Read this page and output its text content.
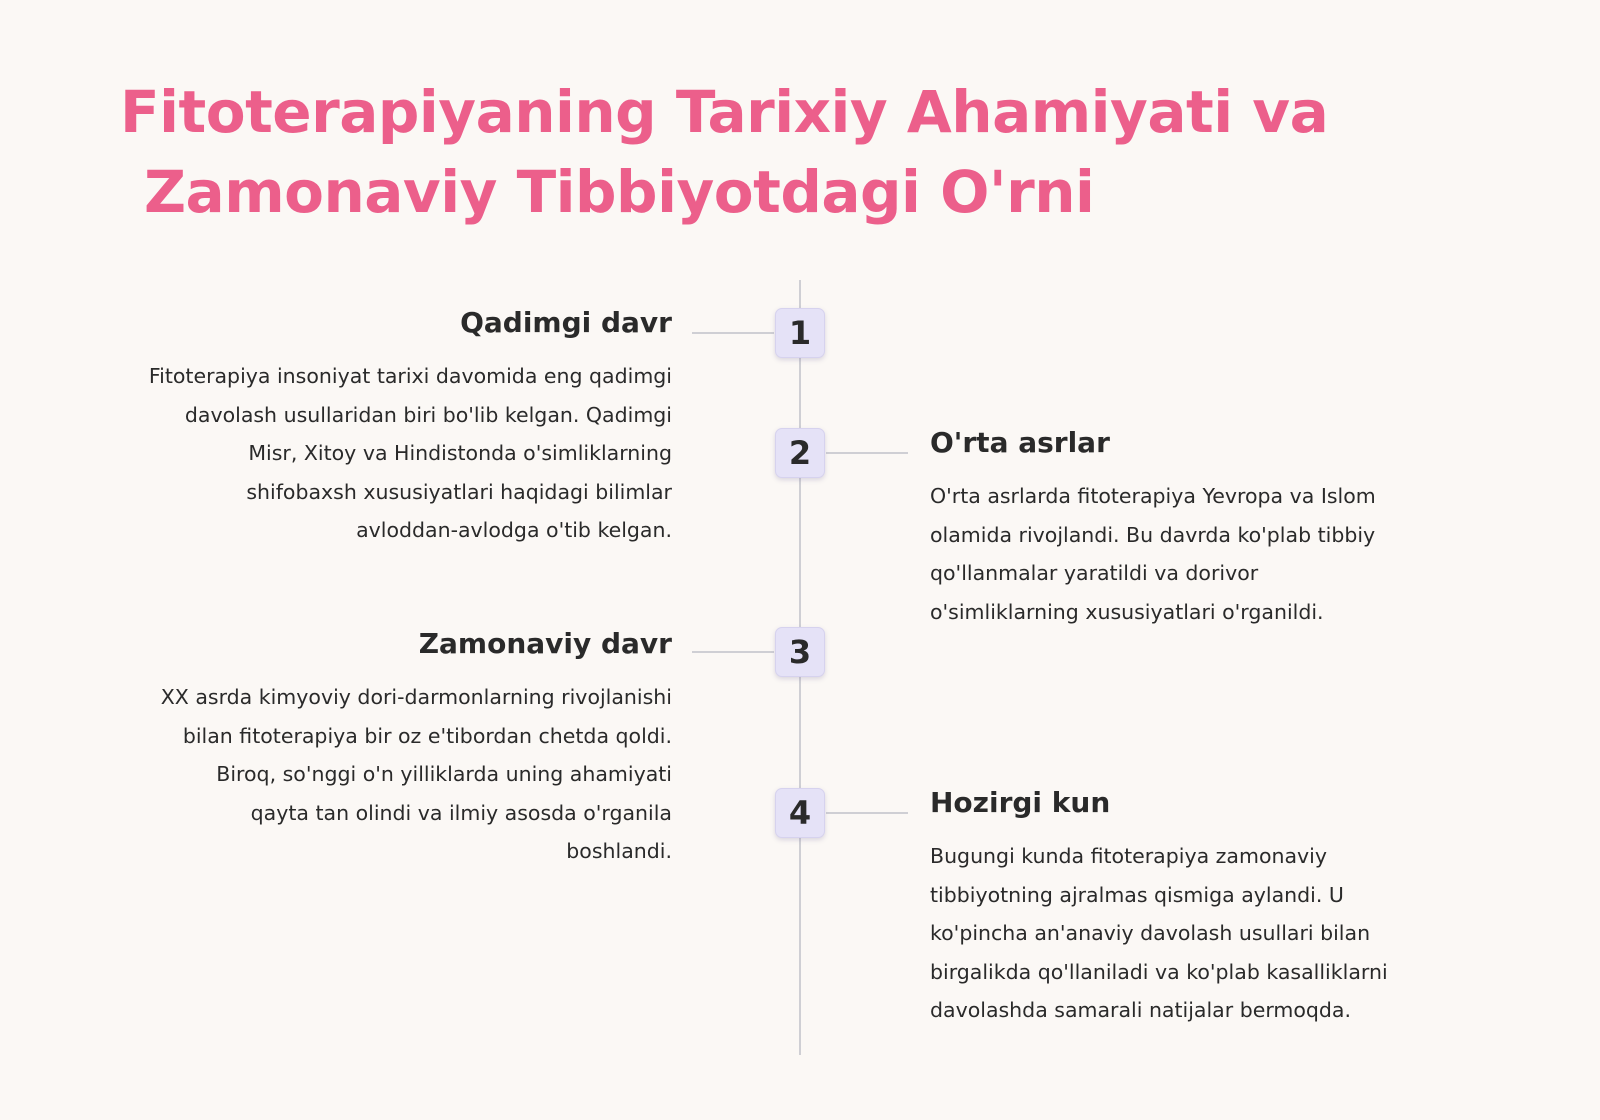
Fitoterapiyaning Tarixiy Ahamiyati va
Zamonaviy Tibbiyotdagi O'rni
1
Qadimgi davr

Fitoterapiya insoniyat tarixi davomida eng qadimgi davolash usullaridan biri bo'lib kelgan. Qadimgi Misr, Xitoy va Hindistonda o'simliklarning shifobaxsh xususiyatlari haqidagi bilimlar avloddan-avlodga o'tib kelgan.

2	O'rta asrlar

O'rta asrlarda fitoterapiya Yevropa va Islom olamida rivojlandi. Bu davrda ko'plab tibbiy qo'llanmalar yaratildi va dorivor o'simliklarning xususiyatlari o'rganildi.

3
Zamonaviy davr

XX asrda kimyoviy dori-darmonlarning rivojlanishi bilan fitoterapiya bir oz e'tibordan chetda qoldi. Biroq, so'nggi o'n yilliklarda uning ahamiyati qayta tan olindi va ilmiy asosda o'rganila boshlandi.

4	Hozirgi kun

Bugungi kunda fitoterapiya zamonaviy tibbiyotning ajralmas qismiga aylandi. U ko'pincha an'anaviy davolash usullari bilan birgalikda qo'llaniladi va ko'plab kasalliklarni davolashda samarali natijalar bermoqda.
